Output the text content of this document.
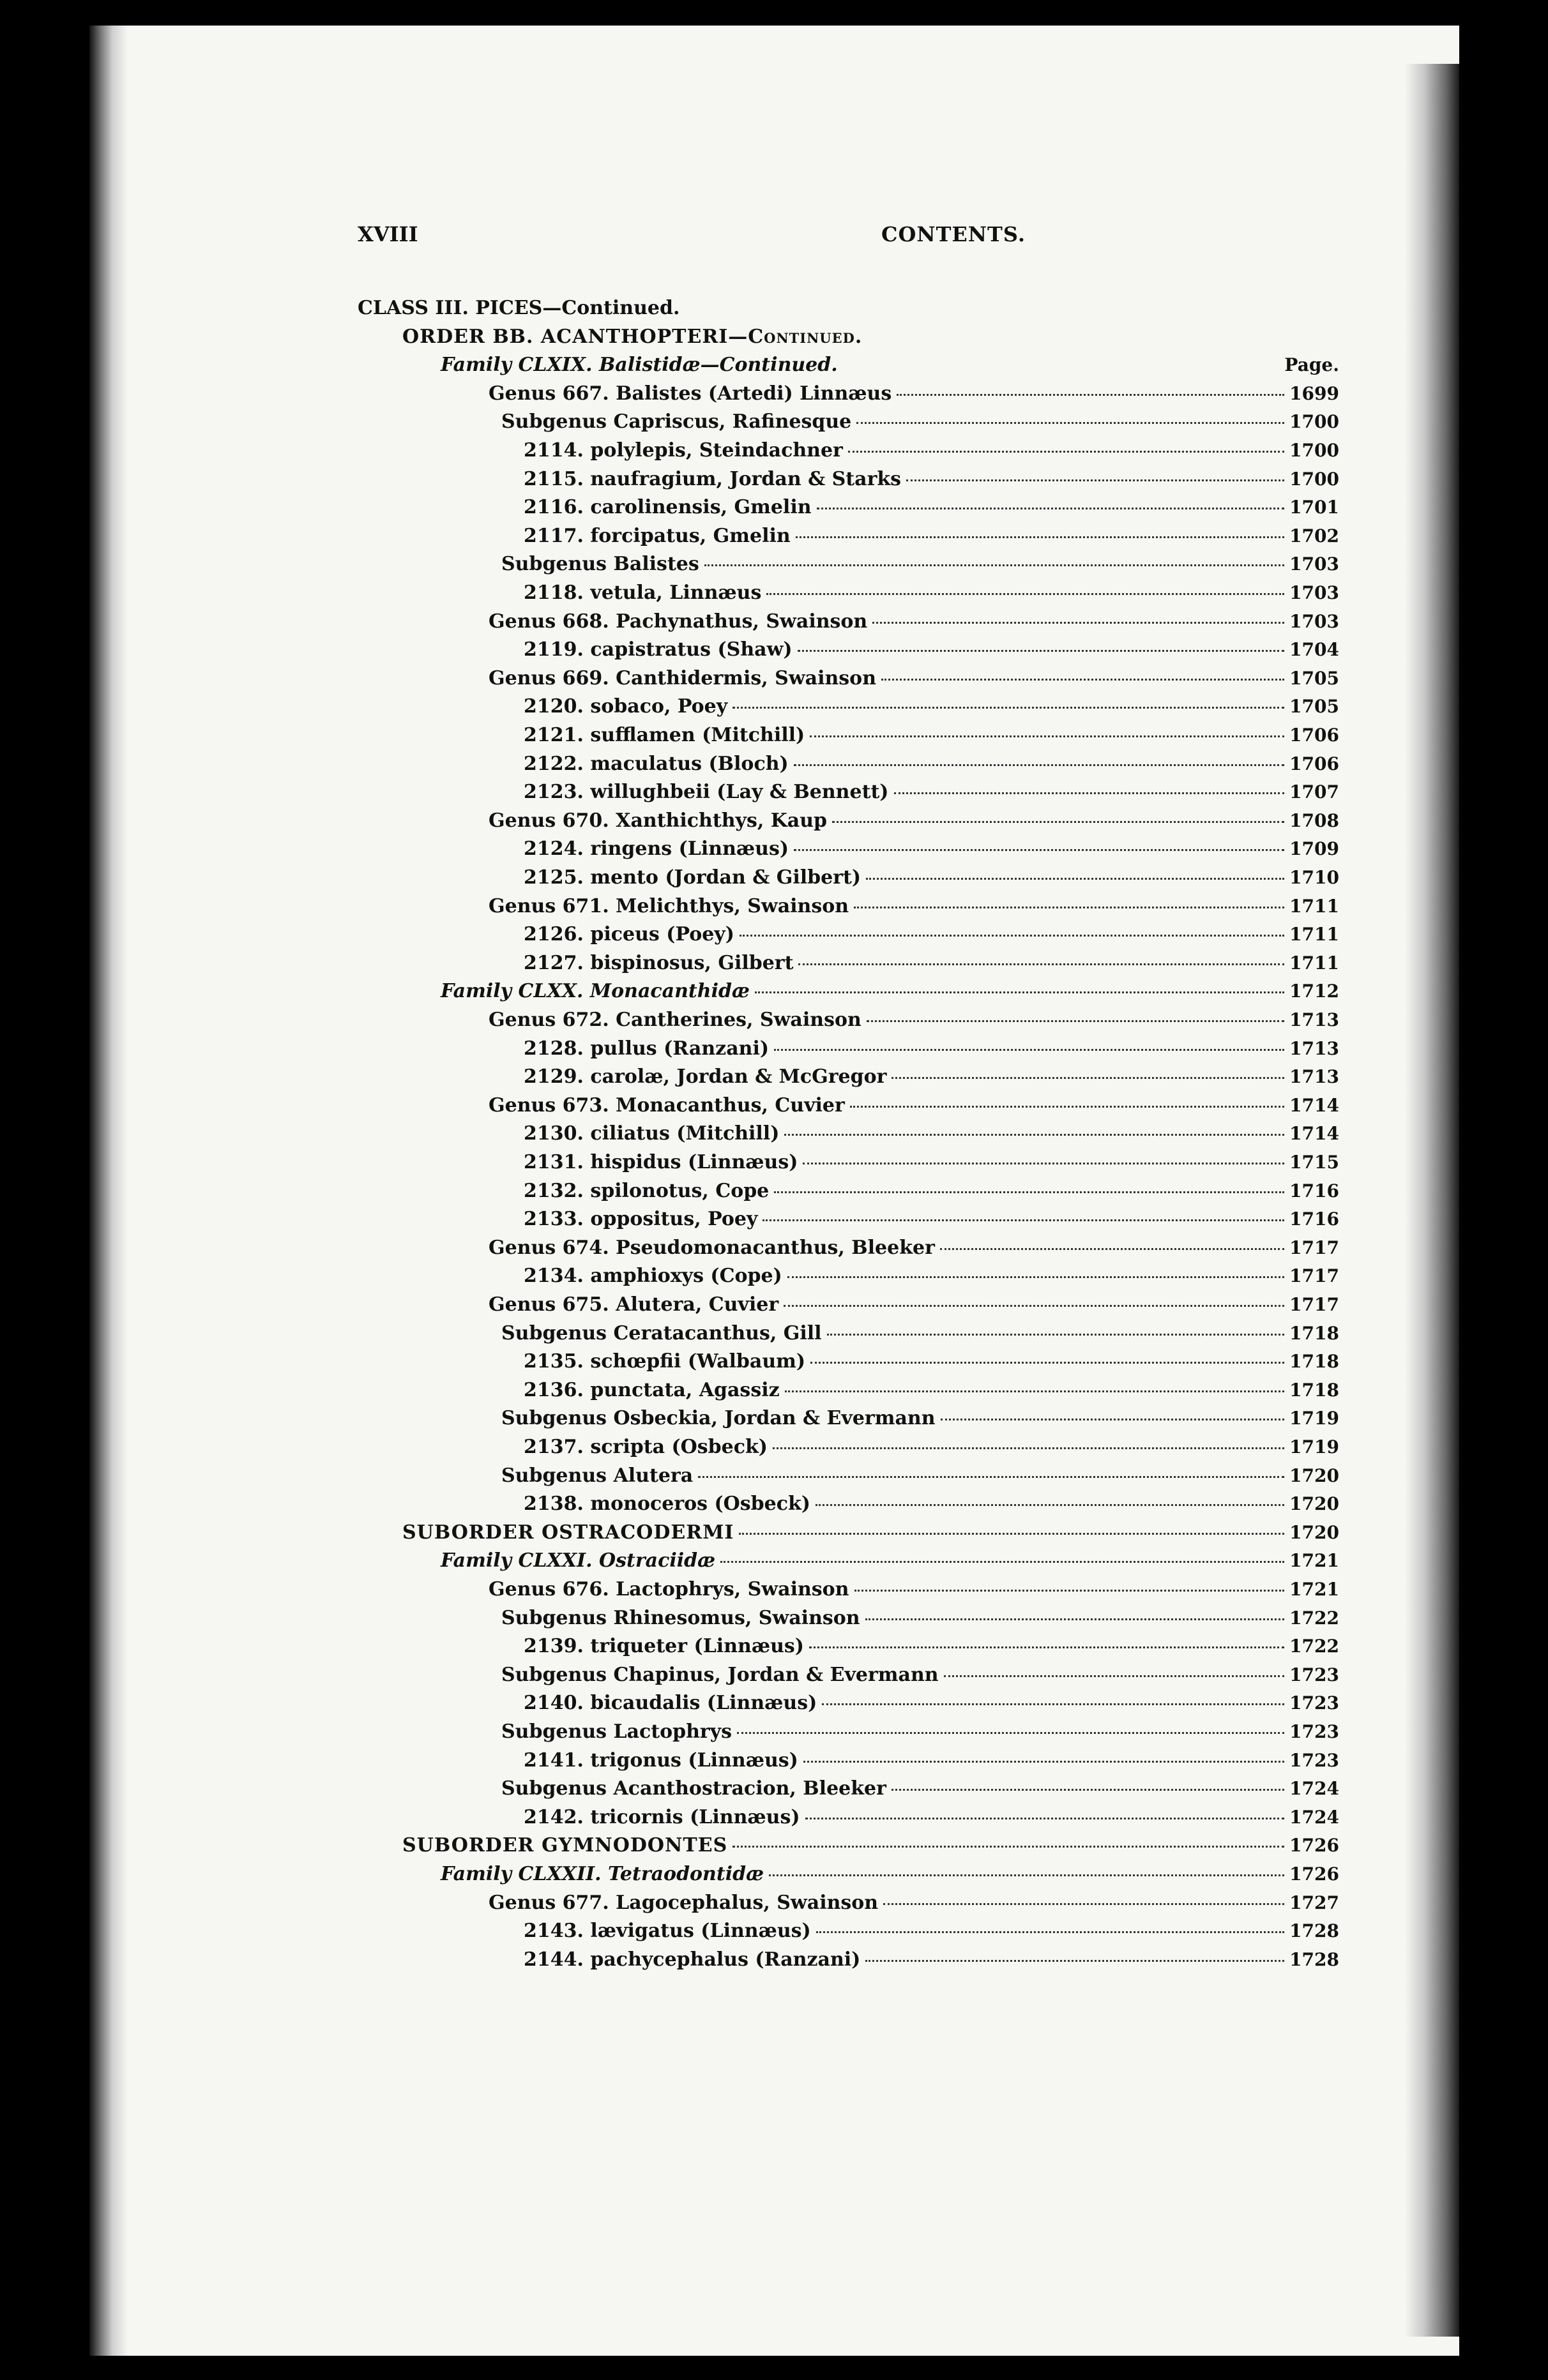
XVIII	CONTENTS.
CLASS III. PICES—Continued.
ORDER BB. ACANTHOPTERI—Continued.
Family CLXIX. Balistidæ—Continued.	Page.
Genus 667. Balistes (Artedi) Linnæus	1699
Subgenus Capriscus, Rafinesque	1700
2114. polylepis, Steindachner	1700
2115. naufragium, Jordan & Starks	1700
2116. carolinensis, Gmelin	1701
2117. forcipatus, Gmelin	1702
Subgenus Balistes	1703
2118. vetula, Linnæus	1703
Genus 668. Pachynathus, Swainson	1703
2119. capistratus (Shaw)	1704
Genus 669. Canthidermis, Swainson	1705
2120. sobaco, Poey	1705
2121. sufflamen (Mitchill)	1706
2122. maculatus (Bloch)	1706
2123. willughbeii (Lay & Bennett)	1707
Genus 670. Xanthichthys, Kaup	1708
2124. ringens (Linnæus)	1709
2125. mento (Jordan & Gilbert)	1710
Genus 671. Melichthys, Swainson	1711
2126. piceus (Poey)	1711
2127. bispinosus, Gilbert	1711
Family CLXX. Monacanthidæ	1712
Genus 672. Cantherines, Swainson	1713
2128. pullus (Ranzani)	1713
2129. carolæ, Jordan & McGregor	1713
Genus 673. Monacanthus, Cuvier	1714
2130. ciliatus (Mitchill)	1714
2131. hispidus (Linnæus)	1715
2132. spilonotus, Cope	1716
2133. oppositus, Poey	1716
Genus 674. Pseudomonacanthus, Bleeker	1717
2134. amphioxys (Cope)	1717
Genus 675. Alutera, Cuvier	1717
Subgenus Ceratacanthus, Gill	1718
2135. schœpfii (Walbaum)	1718
2136. punctata, Agassiz	1718
Subgenus Osbeckia, Jordan & Evermann	1719
2137. scripta (Osbeck)	1719
Subgenus Alutera	1720
2138. monoceros (Osbeck)	1720
SUBORDER OSTRACODERMI	1720
Family CLXXI. Ostraciidæ	1721
Genus 676. Lactophrys, Swainson	1721
Subgenus Rhinesomus, Swainson	1722
2139. triqueter (Linnæus)	1722
Subgenus Chapinus, Jordan & Evermann	1723
2140. bicaudalis (Linnæus)	1723
Subgenus Lactophrys	1723
2141. trigonus (Linnæus)	1723
Subgenus Acanthostracion, Bleeker	1724
2142. tricornis (Linnæus)	1724
SUBORDER GYMNODONTES	1726
Family CLXXII. Tetraodontidæ	1726
Genus 677. Lagocephalus, Swainson	1727
2143. lævigatus (Linnæus)	1728
2144. pachycephalus (Ranzani)	1728
